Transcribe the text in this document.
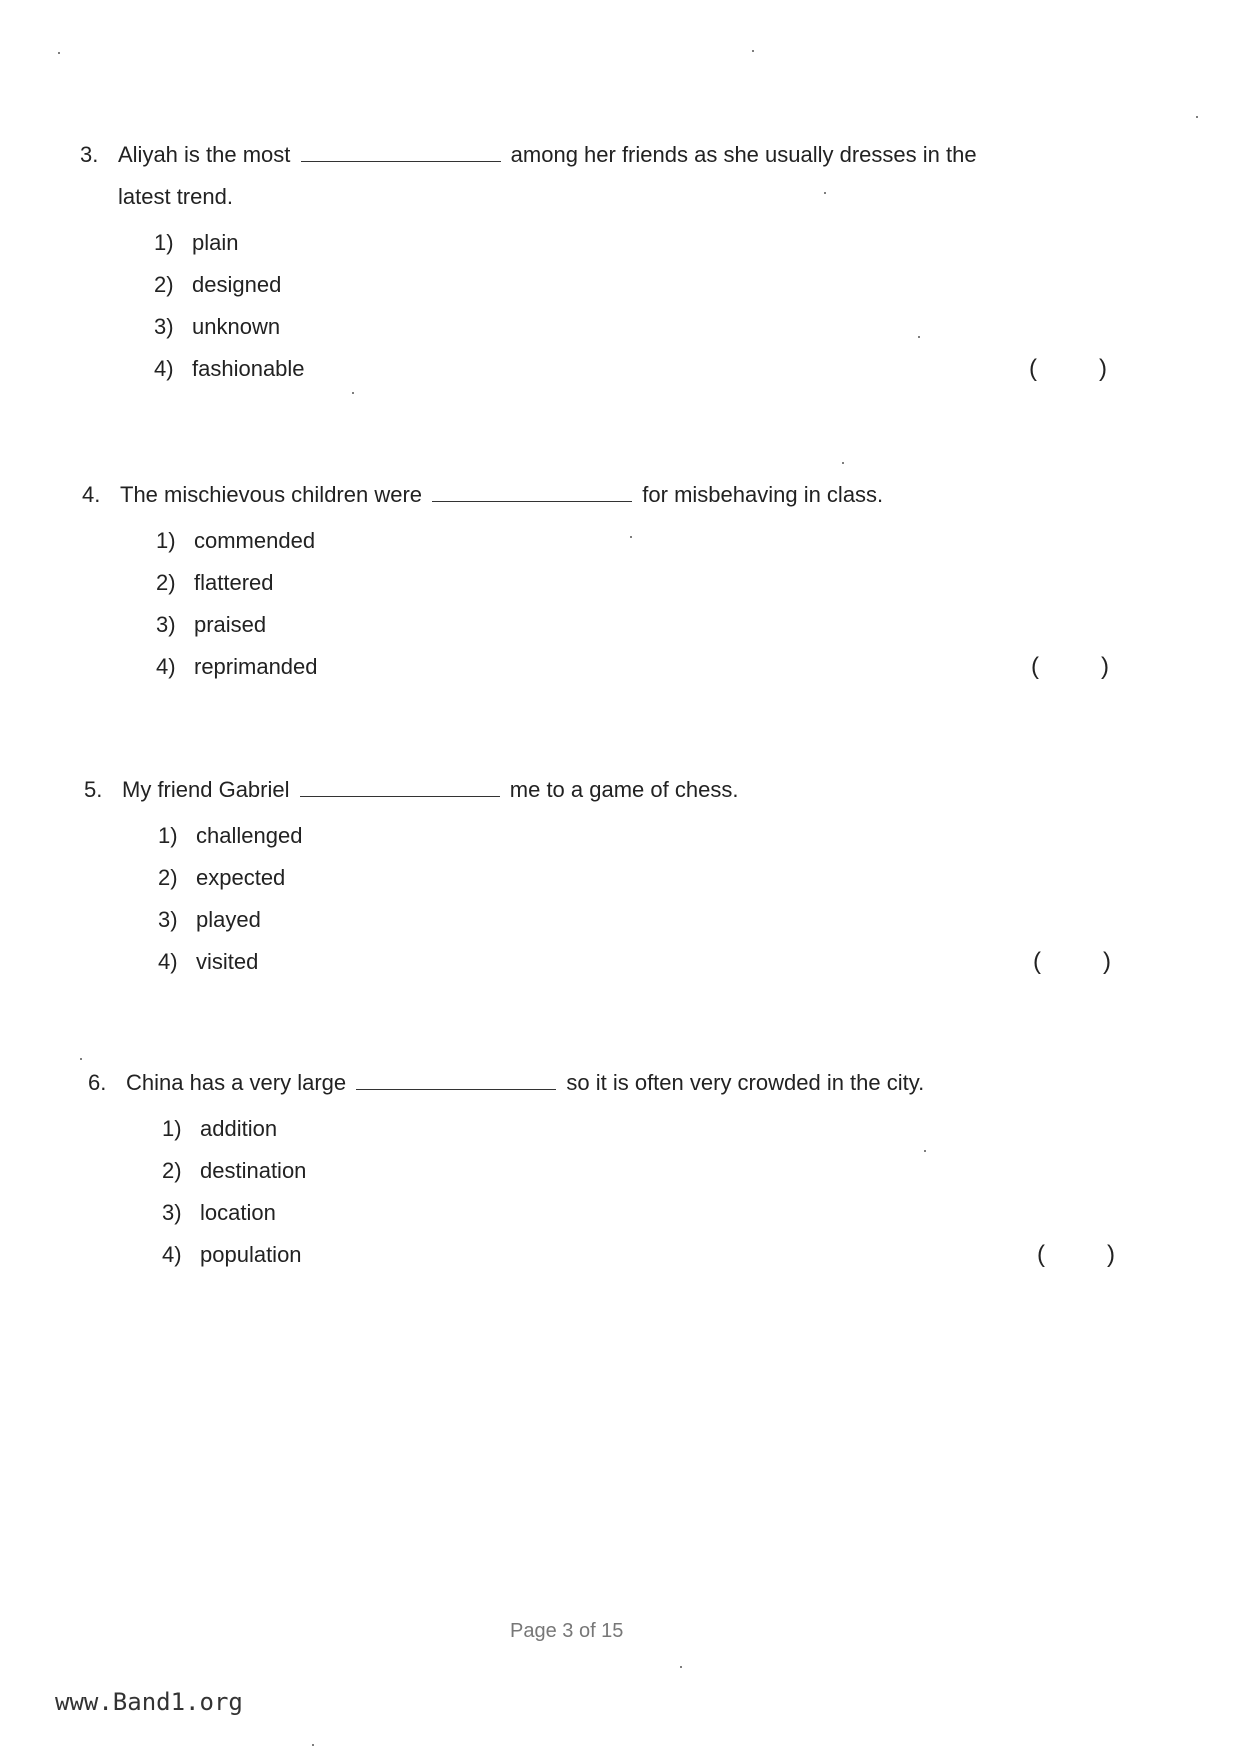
3. Aliyah is the most	among her friends as she usually dresses in the
latest trend.
1) plain
2) designed
3) unknown
4) fashionable	(	)
4. The mischievous children were	for misbehaving in class.
1) commended
2) flattered
3) praised
4) reprimanded	(	)
5. My friend Gabriel	me to a game of chess.
1) challenged
2) expected
3) played
4) visited	(	)
6. China has a very large	so it is often very crowded in the city.
1) addition
2) destination
3) location
4) population	(	)
Page 3 of 15
www.Band1.org
